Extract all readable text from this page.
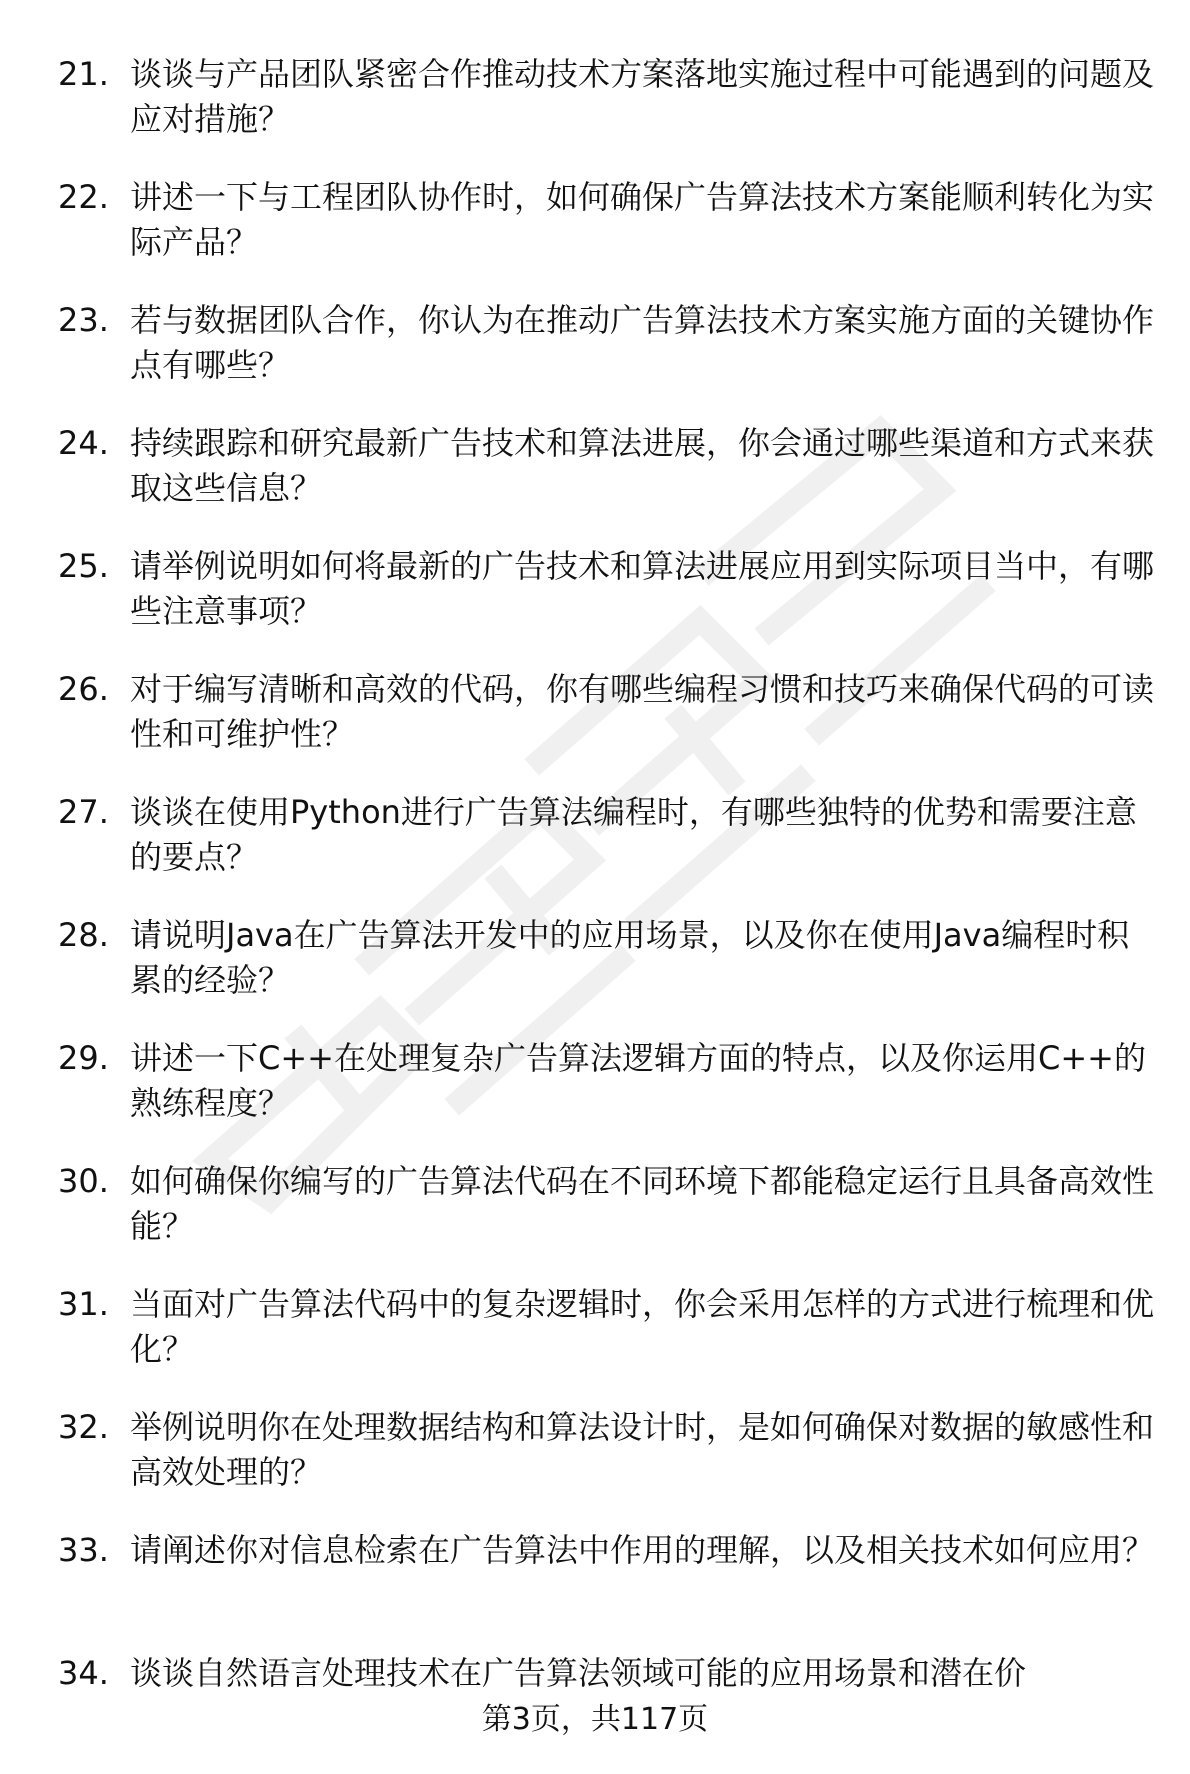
21. 谈谈与产品团队紧密合作推动技术方案落地实施过程中可能遇到的问题及应对措施？
22. 讲述一下与工程团队协作时，如何确保广告算法技术方案能顺利转化为实际产品？
23. 若与数据团队合作，你认为在推动广告算法技术方案实施方面的关键协作点有哪些？
24. 持续跟踪和研究最新广告技术和算法进展，你会通过哪些渠道和方式来获取这些信息？
25. 请举例说明如何将最新的广告技术和算法进展应用到实际项目当中，有哪些注意事项？
26. 对于编写清晰和高效的代码，你有哪些编程习惯和技巧来确保代码的可读性和可维护性？
27. 谈谈在使用Python进行广告算法编程时，有哪些独特的优势和需要注意的要点？
28. 请说明Java在广告算法开发中的应用场景，以及你在使用Java编程时积累的经验？
29. 讲述一下C++在处理复杂广告算法逻辑方面的特点，以及你运用C++的熟练程度？
30. 如何确保你编写的广告算法代码在不同环境下都能稳定运行且具备高效性能？
31. 当面对广告算法代码中的复杂逻辑时，你会采用怎样的方式进行梳理和优化？
32. 举例说明你在处理数据结构和算法设计时，是如何确保对数据的敏感性和高效处理的？
33. 请阐述你对信息检索在广告算法中作用的理解，以及相关技术如何应用？
34. 谈谈自然语言处理技术在广告算法领域可能的应用场景和潜在价
第3页，共117页
